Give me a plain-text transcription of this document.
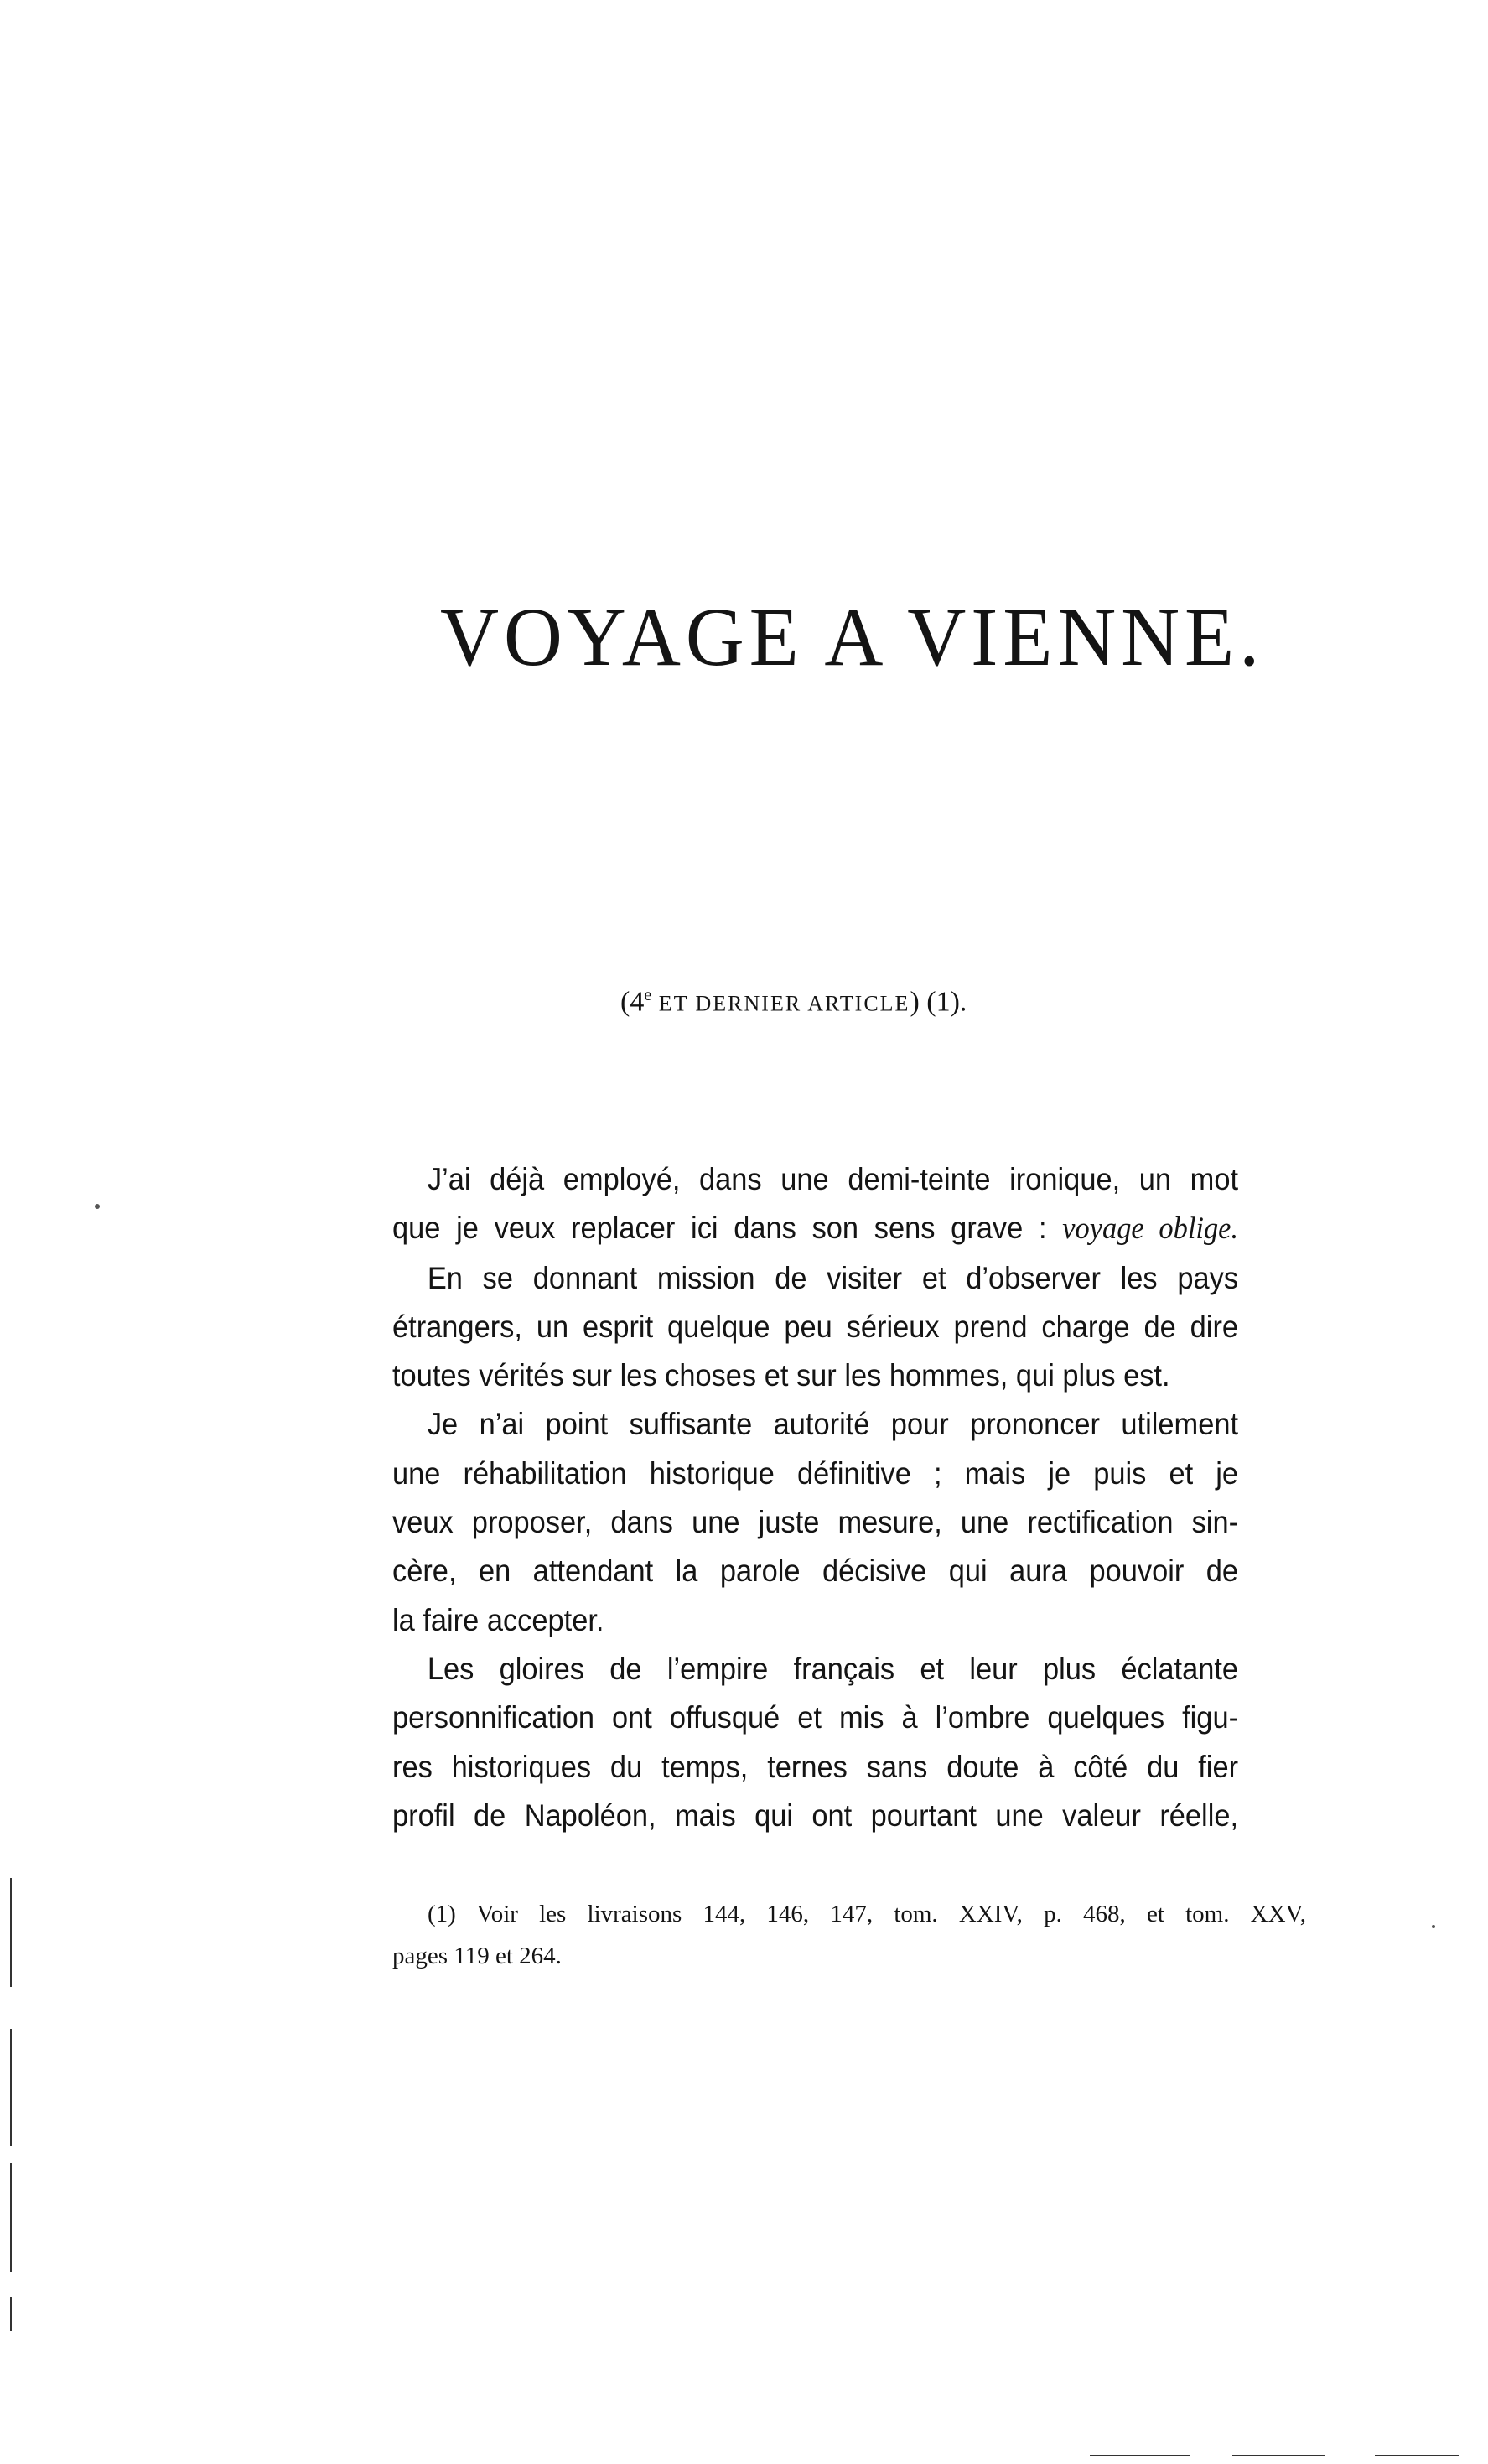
VOYAGE A VIENNE.
(4e ET DERNIER ARTICLE) (1).
J’ai déjà employé, dans une demi-teinte ironique, un mot
que je veux replacer ici dans son sens grave : voyage oblige.
En se donnant mission de visiter et d’observer les pays
étrangers, un esprit quelque peu sérieux prend charge de dire
toutes vérités sur les choses et sur les hommes, qui plus est.
Je n’ai point suffisante autorité pour prononcer utilement
une réhabilitation historique définitive ; mais je puis et je
veux proposer, dans une juste mesure, une rectification sin-
cère, en attendant la parole décisive qui aura pouvoir de
la faire accepter.
Les gloires de l’empire français et leur plus éclatante
personnification ont offusqué et mis à l’ombre quelques figu-
res historiques du temps, ternes sans doute à côté du fier
profil de Napoléon, mais qui ont pourtant une valeur réelle,
(1) Voir les livraisons 144, 146, 147, tom. XXIV, p. 468, et tom. XXV,
pages 119 et 264.
